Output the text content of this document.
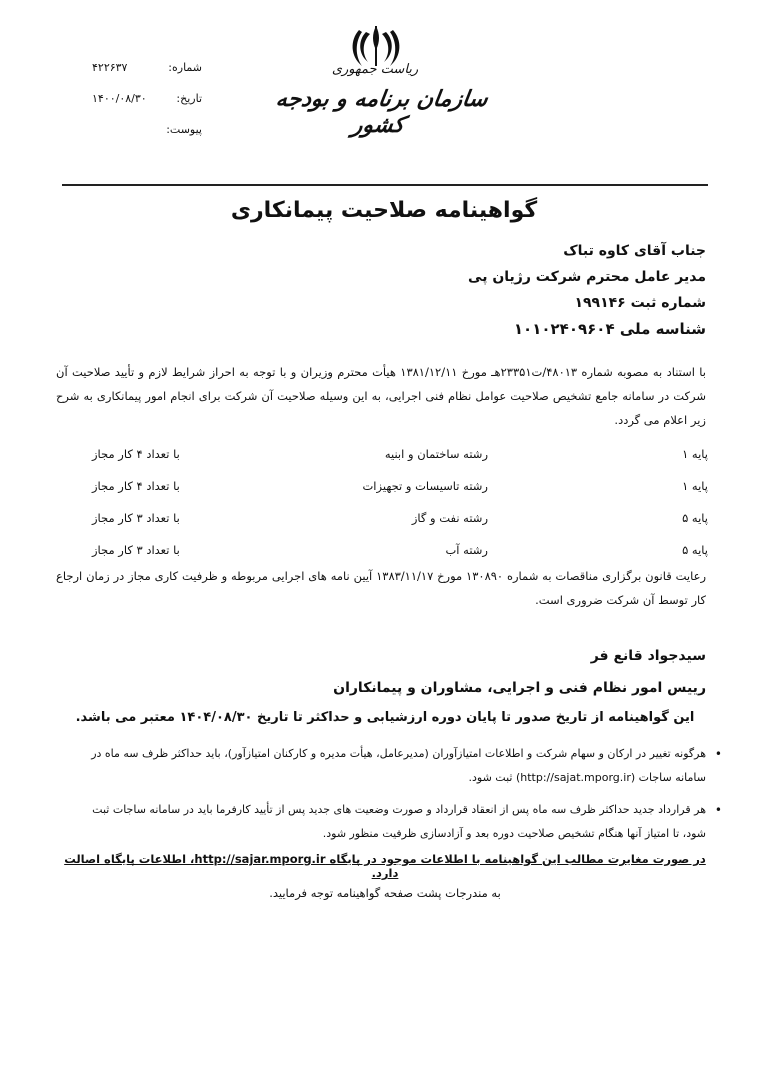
شماره:
۴۲۲۶۳۷
تاریخ:
۱۴۰۰/۰۸/۳۰
پیوست:
ریاست جمهوری
سازمان برنامه و بودجه کشور
گواهینامه صلاحیت پیمانکاری
جناب آقای کاوه تباک
مدیر عامل محترم شرکت رژیان پی
شماره ثبت ۱۹۹۱۴۶
شناسه ملی ۱۰۱۰۲۴۰۹۶۰۴
با استناد به مصوبه شماره ۴۸۰۱۳/ت۲۳۳۵۱هـ مورخ ۱۳۸۱/۱۲/۱۱ هیأت محترم وزیران و با توجه به احراز شرایط لازم و تأیید صلاحیت آن شرکت در سامانه جامع تشخیص صلاحیت عوامل نظام فنی اجرایی، به این وسیله صلاحیت آن شرکت برای انجام امور پیمانکاری به شرح زیر اعلام می گردد.
پایه ۱
رشته ساختمان و ابنیه
با تعداد ۴ کار مجاز
پایه ۱
رشته تاسیسات و تجهیزات
با تعداد ۴ کار مجاز
پایه ۵
رشته نفت و گاز
با تعداد ۳ کار مجاز
پایه ۵
رشته آب
با تعداد ۳ کار مجاز
رعایت قانون برگزاری مناقصات به شماره ۱۳۰۸۹۰ مورخ ۱۳۸۳/۱۱/۱۷ آیین نامه های اجرایی مربوطه و ظرفیت کاری مجاز در زمان ارجاع کار توسط آن شرکت ضروری است.
سیدجواد قانع فر
رییس امور نظام فنی و اجرایی، مشاوران و پیمانکاران
این گواهینامه از تاریخ صدور تا پایان دوره ارزشیابی و حداکثر تا تاریخ ۱۴۰۴/۰۸/۳۰ معتبر می باشد.
•
هرگونه تغییر در ارکان و سهام شرکت و اطلاعات امتیازآوران (مدیرعامل، هیأت مدیره و کارکنان امتیازآور)، باید حداکثر ظرف سه ماه در سامانه ساجات (http://sajat.mporg.ir) ثبت شود.
•
هر قرارداد جدید حداکثر ظرف سه ماه پس از انعقاد قرارداد و صورت وضعیت های جدید پس از تأیید کارفرما باید در سامانه ساجات ثبت شود، تا امتیاز آنها هنگام تشخیص صلاحیت دوره بعد و آزادسازی ظرفیت منظور شود.
در صورت مغایرت مطالب این گواهینامه با اطلاعات موجود در پایگاه http://sajar.mporg.ir، اطلاعات پایگاه اصالت دارد.
به مندرجات پشت صفحه گواهینامه توجه فرمایید.
